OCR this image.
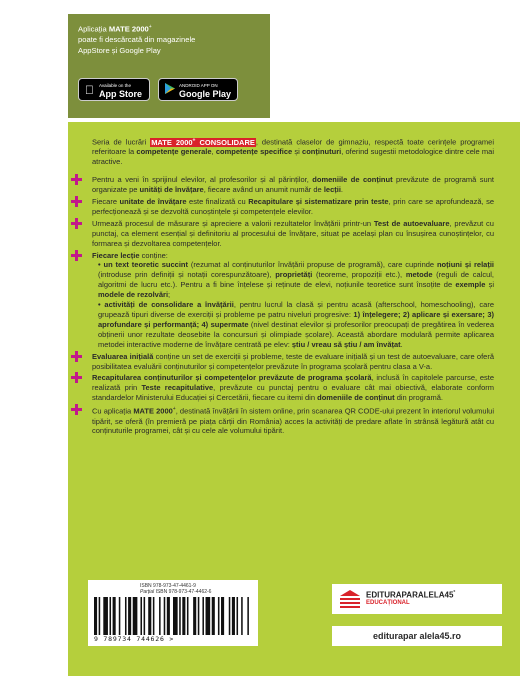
Aplicația MATE 2000+
poate fi descărcată din magazinele
AppStore și Google Play
Available on the
App Store
ANDROID APP ON
Google Play

Seria de lucrări MATE 2000+ CONSOLIDARE, destinată claselor de gimnaziu, respectă toate cerințele programei referitoare la competențe generale, competențe specifice și conținuturi, oferind sugestii metodologice dintre cele mai atractive.

Pentru a veni în sprijinul elevilor, al profesorilor și al părinților, domeniile de conținut prevăzute de programă sunt organizate pe unități de învățare, fiecare având un anumit număr de lecții.
Fiecare unitate de învățare este finalizată cu Recapitulare și sistematizare prin teste, prin care se aprofundează, se perfecționează și se dezvoltă cunoștințele și competențele elevilor.
Urmează procesul de măsurare și apreciere a valorii rezultatelor învățării printr-un Test de autoevaluare, prevăzut cu punctaj, ca element esențial și definitoriu al procesului de învățare, situat pe același plan cu însușirea cunoștințelor, cu formarea și dezvoltarea competențelor.
Fiecare lecție conține:

• un text teoretic succint (rezumat al conținuturilor învățării propuse de programă), care cuprinde noțiuni și relații (introduse prin definiții și notații corespunzătoare), proprietăți (teoreme, propoziții etc.), metode (reguli de calcul, algoritmi de lucru etc.). Pentru a fi bine înțelese și reținute de elevi, noțiunile teoretice sunt însoțite de exemple și modele de rezolvări;

• activități de consolidare a învățării, pentru lucrul la clasă și pentru acasă (afterschool, homeschooling), care grupează tipuri diverse de exerciții și probleme pe patru niveluri progresive: 1) înțelegere; 2) aplicare și exersare; 3) aprofundare și performanță; 4) supermate (nivel destinat elevilor și profesorilor preocupați de pregătirea în vederea obținerii unor rezultate deosebite la concursuri și olimpiade școlare). Această abordare modulară permite aplicarea metodei interactive moderne de învățare centrată pe elev: știu / vreau să știu / am învățat.

Evaluarea inițială conține un set de exerciții și probleme, teste de evaluare inițială și un test de autoevaluare, care oferă posibilitatea evaluării conținuturilor și competențelor prevăzute în programa școlară pentru clasa a V-a.
Recapitularea conținuturilor și competențelor prevăzute de programa școlară, inclusă în capitolele parcurse, este realizată prin Teste recapitulative, prevăzute cu punctaj pentru o evaluare cât mai obiectivă, elaborate conform standardelor Ministerului Educației și Cercetării, fiecare cu itemi din domeniile de conținut din programă.
Cu aplicația MATE 2000+, destinată învățării în sistem online, prin scanarea QR CODE-ului prezent în interiorul volumului tipărit, se oferă (în premieră pe piața cărții din România) acces la activități de predare aflate în strânsă legătură atât cu conținuturile programei, cât și cu cele ale volumului tipărit.
ISBN 978-973-47-4461-9
Parțial ISBN 978-973-47-4462-6
9 789734 744626 >
EDITURAPARALELA45°
EDUCAȚIONAL
editurapar alela45.ro
